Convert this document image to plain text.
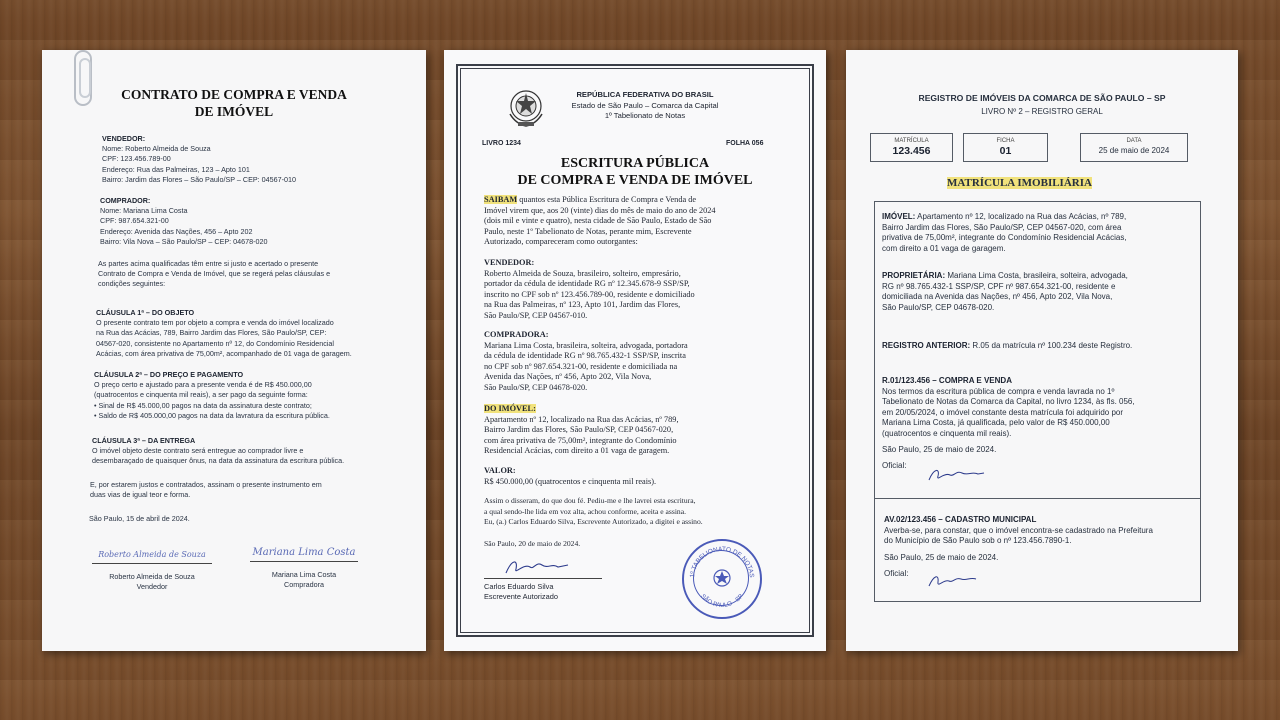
CONTRATO DE COMPRA E VENDA
DE IMÓVEL
VENDEDOR:
Nome: Roberto Almeida de Souza
CPF: 123.456.789-00
Endereço: Rua das Palmeiras, 123 – Apto 101
Bairro: Jardim das Flores – São Paulo/SP – CEP: 04567-010
COMPRADOR:
Nome: Mariana Lima Costa
CPF: 987.654.321-00
Endereço: Avenida das Nações, 456 – Apto 202
Bairro: Vila Nova – São Paulo/SP – CEP: 04678-020
As partes acima qualificadas têm entre si justo e acertado o presente
Contrato de Compra e Venda de Imóvel, que se regerá pelas cláusulas e
condições seguintes:
CLÁUSULA 1ª – DO OBJETO
O presente contrato tem por objeto a compra e venda do imóvel localizado
na Rua das Acácias, 789, Bairro Jardim das Flores, São Paulo/SP, CEP:
04567-020, consistente no Apartamento nº 12, do Condomínio Residencial
Acácias, com área privativa de 75,00m², acompanhado de 01 vaga de garagem.
CLÁUSULA 2ª – DO PREÇO E PAGAMENTO
O preço certo e ajustado para a presente venda é de R$ 450.000,00
(quatrocentos e cinquenta mil reais), a ser pago da seguinte forma:
• Sinal de R$ 45.000,00 pagos na data da assinatura deste contrato;
• Saldo de R$ 405.000,00 pagos na data da lavratura da escritura pública.
CLÁUSULA 3ª – DA ENTREGA
O imóvel objeto deste contrato será entregue ao comprador livre e
desembaraçado de quaisquer ônus, na data da assinatura da escritura pública.
E, por estarem justos e contratados, assinam o presente instrumento em
duas vias de igual teor e forma.
São Paulo, 15 de abril de 2024.
Roberto Almeida de Souza
Roberto Almeida de Souza
Vendedor
Mariana Lima Costa
Mariana Lima Costa
Compradora
REPÚBLICA FEDERATIVA DO BRASIL
Estado de São Paulo – Comarca da Capital
1º Tabelionato de Notas
LIVRO 1234	FOLHA 056
ESCRITURA PÚBLICA
DE COMPRA E VENDA DE IMÓVEL
SAIBAM quantos esta Pública Escritura de Compra e Venda de
Imóvel virem que, aos 20 (vinte) dias do mês de maio do ano de 2024
(dois mil e vinte e quatro), nesta cidade de São Paulo, Estado de São
Paulo, neste 1º Tabelionato de Notas, perante mim, Escrevente
Autorizado, compareceram como outorgantes:
VENDEDOR:
Roberto Almeida de Souza, brasileiro, solteiro, empresário,
portador da cédula de identidade RG nº 12.345.678-9 SSP/SP,
inscrito no CPF sob nº 123.456.789-00, residente e domiciliado
na Rua das Palmeiras, nº 123, Apto 101, Jardim das Flores,
São Paulo/SP, CEP 04567-010.
COMPRADORA:
Mariana Lima Costa, brasileira, solteira, advogada, portadora
da cédula de identidade RG nº 98.765.432-1 SSP/SP, inscrita
no CPF sob nº 987.654.321-00, residente e domiciliada na
Avenida das Nações, nº 456, Apto 202, Vila Nova,
São Paulo/SP, CEP 04678-020.
DO IMÓVEL:
Apartamento nº 12, localizado na Rua das Acácias, nº 789,
Bairro Jardim das Flores, São Paulo/SP, CEP 04567-020,
com área privativa de 75,00m², integrante do Condomínio
Residencial Acácias, com direito a 01 vaga de garagem.
VALOR:
R$ 450.000,00 (quatrocentos e cinquenta mil reais).
Assim o disseram, do que dou fé. Pediu-me e lhe lavrei esta escritura,
a qual sendo-lhe lida em voz alta, achou conforme, aceita e assina.
Eu, (a.) Carlos Eduardo Silva, Escrevente Autorizado, a digitei e assino.
São Paulo, 20 de maio de 2024.
Carlos Eduardo Silva
Escrevente Autorizado
1º TABELIONATO DE NOTAS
SÃO PAULO - SP
REGISTRO DE IMÓVEIS DA COMARCA DE SÃO PAULO – SP
LIVRO Nº 2 – REGISTRO GERAL
MATRÍCULA
123.456
FICHA
01
DATA
25 de maio de 2024
MATRÍCULA IMOBILIÁRIA
IMÓVEL: Apartamento nº 12, localizado na Rua das Acácias, nº 789,
Bairro Jardim das Flores, São Paulo/SP, CEP 04567-020, com área
privativa de 75,00m², integrante do Condomínio Residencial Acácias,
com direito a 01 vaga de garagem.
PROPRIETÁRIA: Mariana Lima Costa, brasileira, solteira, advogada,
RG nº 98.765.432-1 SSP/SP, CPF nº 987.654.321-00, residente e
domiciliada na Avenida das Nações, nº 456, Apto 202, Vila Nova,
São Paulo/SP, CEP 04678-020.
REGISTRO ANTERIOR: R.05 da matrícula nº 100.234 deste Registro.
R.01/123.456 – COMPRA E VENDA
Nos termos da escritura pública de compra e venda lavrada no 1º
Tabelionato de Notas da Comarca da Capital, no livro 1234, às fls. 056,
em 20/05/2024, o imóvel constante desta matrícula foi adquirido por
Mariana Lima Costa, já qualificada, pelo valor de R$ 450.000,00
(quatrocentos e cinquenta mil reais).
São Paulo, 25 de maio de 2024.
Oficial:
AV.02/123.456 – CADASTRO MUNICIPAL
Averba-se, para constar, que o imóvel encontra-se cadastrado na Prefeitura
do Município de São Paulo sob o nº 123.456.7890-1.
São Paulo, 25 de maio de 2024.
Oficial:
